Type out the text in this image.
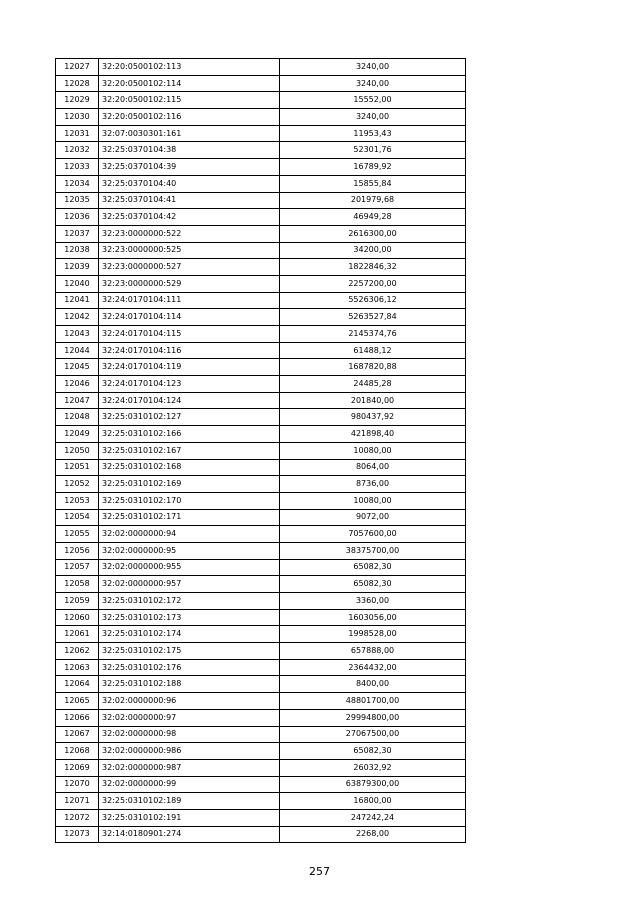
12027	32:20:0500102:113	3240,00
12028	32:20:0500102:114	3240,00
12029	32:20:0500102:115	15552,00
12030	32:20:0500102:116	3240,00
12031	32:07:0030301:161	11953,43
12032	32:25:0370104:38	52301,76
12033	32:25:0370104:39	16789,92
12034	32:25:0370104:40	15855,84
12035	32:25:0370104:41	201979,68
12036	32:25:0370104:42	46949,28
12037	32:23:0000000:522	2616300,00
12038	32:23:0000000:525	34200,00
12039	32:23:0000000:527	1822846,32
12040	32:23:0000000:529	2257200,00
12041	32:24:0170104:111	5526306,12
12042	32:24:0170104:114	5263527,84
12043	32:24:0170104:115	2145374,76
12044	32:24:0170104:116	61488,12
12045	32:24:0170104:119	1687820,88
12046	32:24:0170104:123	24485,28
12047	32:24:0170104:124	201840,00
12048	32:25:0310102:127	980437,92
12049	32:25:0310102:166	421898,40
12050	32:25:0310102:167	10080,00
12051	32:25:0310102:168	8064,00
12052	32:25:0310102:169	8736,00
12053	32:25:0310102:170	10080,00
12054	32:25:0310102:171	9072,00
12055	32:02:0000000:94	7057600,00
12056	32:02:0000000:95	38375700,00
12057	32:02:0000000:955	65082,30
12058	32:02:0000000:957	65082,30
12059	32:25:0310102:172	3360,00
12060	32:25:0310102:173	1603056,00
12061	32:25:0310102:174	1998528,00
12062	32:25:0310102:175	657888,00
12063	32:25:0310102:176	2364432,00
12064	32:25:0310102:188	8400,00
12065	32:02:0000000:96	48801700,00
12066	32:02:0000000:97	29994800,00
12067	32:02:0000000:98	27067500,00
12068	32:02:0000000:986	65082,30
12069	32:02:0000000:987	26032,92
12070	32:02:0000000:99	63879300,00
12071	32:25:0310102:189	16800,00
12072	32:25:0310102:191	247242,24
12073	32:14:0180901:274	2268,00
257
